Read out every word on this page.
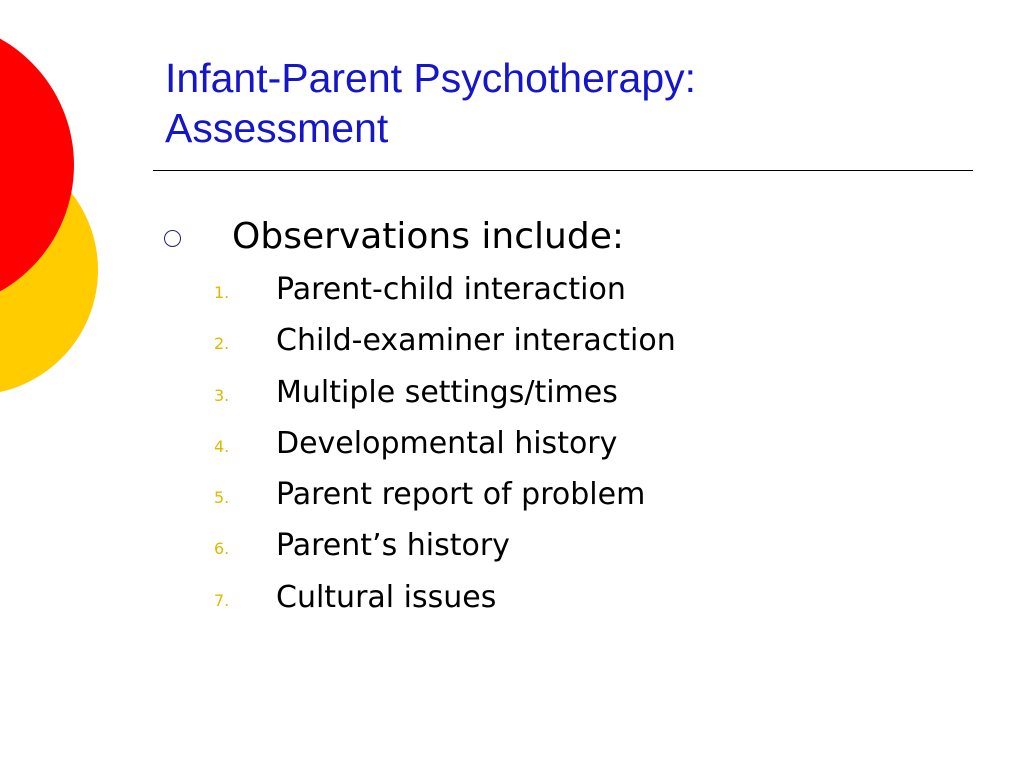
Infant-Parent Psychotherapy:
Assessment
Observations include:
1. Parent-child interaction
2. Child-examiner interaction
3. Multiple settings/times
4. Developmental history
5. Parent report of problem
6. Parent’s history
7. Cultural issues
